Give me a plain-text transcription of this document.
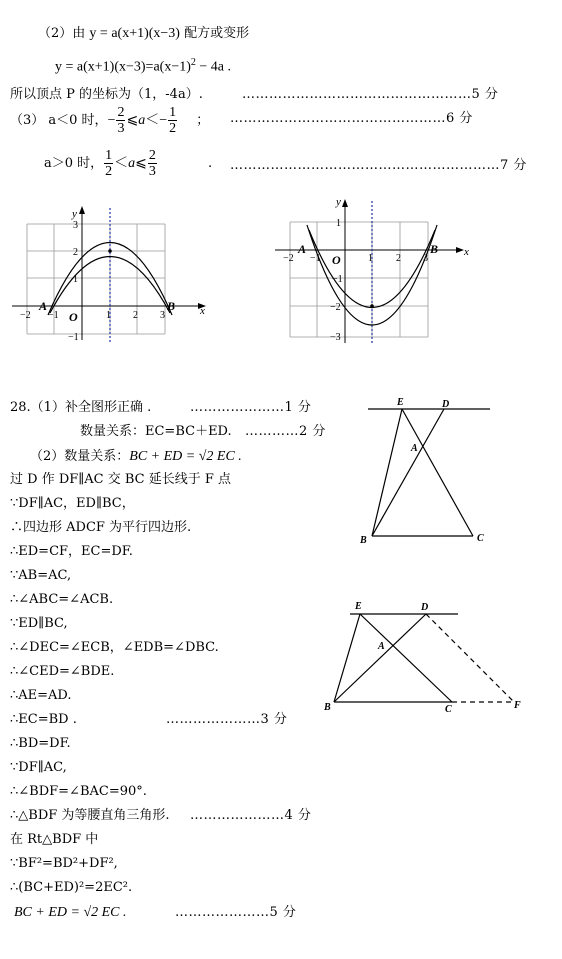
（2）由 y = a(x+1)(x−3) 配方或变形
$y = a(x+1)(x-3)=a(x-1)^2 - 4a$ .
所以顶点 P 的坐标为（1，-4a）.	……………………………………………5 分
（3） a＜0 时，− $\frac{2}{3}$ ⩽a＜− $\frac{1}{2}$ ； …………………………………………6 分
a＞0 时， $\frac{1}{2}$ ＜a⩽ $\frac{2}{3}$	. ……………………………………………………7 分
y
x
O
A	B
−2 −1	1 2 3
3
2
1
−1
y
x
O
A	B
−2 −1	1 2 3
1
−1
−2
−3
28.（1）补全图形正确 .	…………………1 分
数量关系：EC=BC＋ED. …………2 分
（2）数量关系：BC + ED = √2 EC .
过 D 作 DF∥AC 交 BC 延长线于 F 点
∵DF∥AC，ED∥BC，
∴四边形 ADCF 为平行四边形.
∴ED=CF，EC=DF.
∵AB=AC,
∴∠ABC=∠ACB.
∵ED∥BC,
∴∠DEC=∠ECB，∠EDB=∠DBC.
∴∠CED=∠BDE.
∴AE=AD.
∴EC=BD .
∴BD=DF.
∵DF∥AC,
∴∠BDF=∠BAC=90°.
∴△BDF 为等腰直角三角形.
在 Rt△BDF 中
∵BF²=BD²+DF²,
∴(BC+ED)²=2EC².
BC + ED = √2 EC .
…………………3 分
…………………4 分
…………………5 分
E	D
A
B	C
E	D
A
B	C	F
